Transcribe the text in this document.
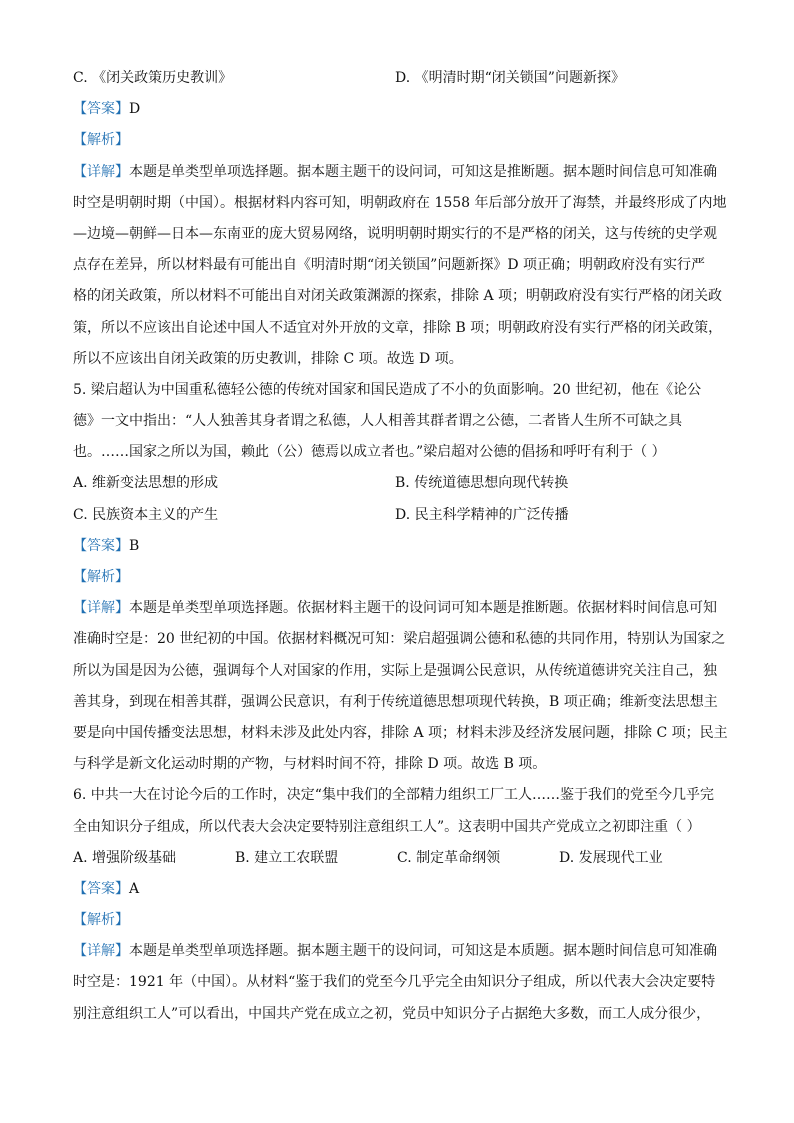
C. 《闭关政策历史教训》	D. 《明清时期“闭关锁国”问题新探》
【答案】D
【解析】
【详解】本题是单类型单项选择题。据本题主题干的设问词，可知这是推断题。据本题时间信息可知准确
时空是明朝时期（中国）。根据材料内容可知，明朝政府在 1558 年后部分放开了海禁，并最终形成了内地
—边境—朝鲜—日本—东南亚的庞大贸易网络，说明明朝时期实行的不是严格的闭关，这与传统的史学观
点存在差异，所以材料最有可能出自《明清时期“闭关锁国”问题新探》D 项正确；明朝政府没有实行严
格的闭关政策，所以材料不可能出自对闭关政策渊源的探索，排除 A 项；明朝政府没有实行严格的闭关政
策，所以不应该出自论述中国人不适宜对外开放的文章，排除 B 项；明朝政府没有实行严格的闭关政策，
所以不应该出自闭关政策的历史教训，排除 C 项。故选 D 项。
5. 梁启超认为中国重私德轻公德的传统对国家和国民造成了不小的负面影响。20 世纪初，他在《论公
德》一文中指出：“人人独善其身者谓之私德，人人相善其群者谓之公德，二者皆人生所不可缺之具
也。……国家之所以为国，赖此（公）德焉以成立者也。”梁启超对公德的倡扬和呼吁有利于（ ）
A. 维新变法思想的形成	B. 传统道德思想向现代转换
C. 民族资本主义的产生	D. 民主科学精神的广泛传播
【答案】B
【解析】
【详解】本题是单类型单项选择题。依据材料主题干的设问词可知本题是推断题。依据材料时间信息可知
准确时空是：20 世纪初的中国。依据材料概况可知：梁启超强调公德和私德的共同作用，特别认为国家之
所以为国是因为公德，强调每个人对国家的作用，实际上是强调公民意识，从传统道德讲究关注自己，独
善其身，到现在相善其群，强调公民意识，有利于传统道德思想项现代转换，B 项正确；维新变法思想主
要是向中国传播变法思想，材料未涉及此处内容，排除 A 项；材料未涉及经济发展问题，排除 C 项；民主
与科学是新文化运动时期的产物，与材料时间不符，排除 D 项。故选 B 项。
6. 中共一大在讨论今后的工作时，决定“集中我们的全部精力组织工厂工人……鉴于我们的党至今几乎完
全由知识分子组成，所以代表大会决定要特别注意组织工人”。这表明中国共产党成立之初即注重（ ）
A. 增强阶级基础	B. 建立工农联盟	C. 制定革命纲领	D. 发展现代工业
【答案】A
【解析】
【详解】本题是单类型单项选择题。据本题主题干的设问词，可知这是本质题。据本题时间信息可知准确
时空是：1921 年（中国）。从材料“鉴于我们的党至今几乎完全由知识分子组成，所以代表大会决定要特
别注意组织工人”可以看出，中国共产党在成立之初，党员中知识分子占据绝大多数，而工人成分很少，
